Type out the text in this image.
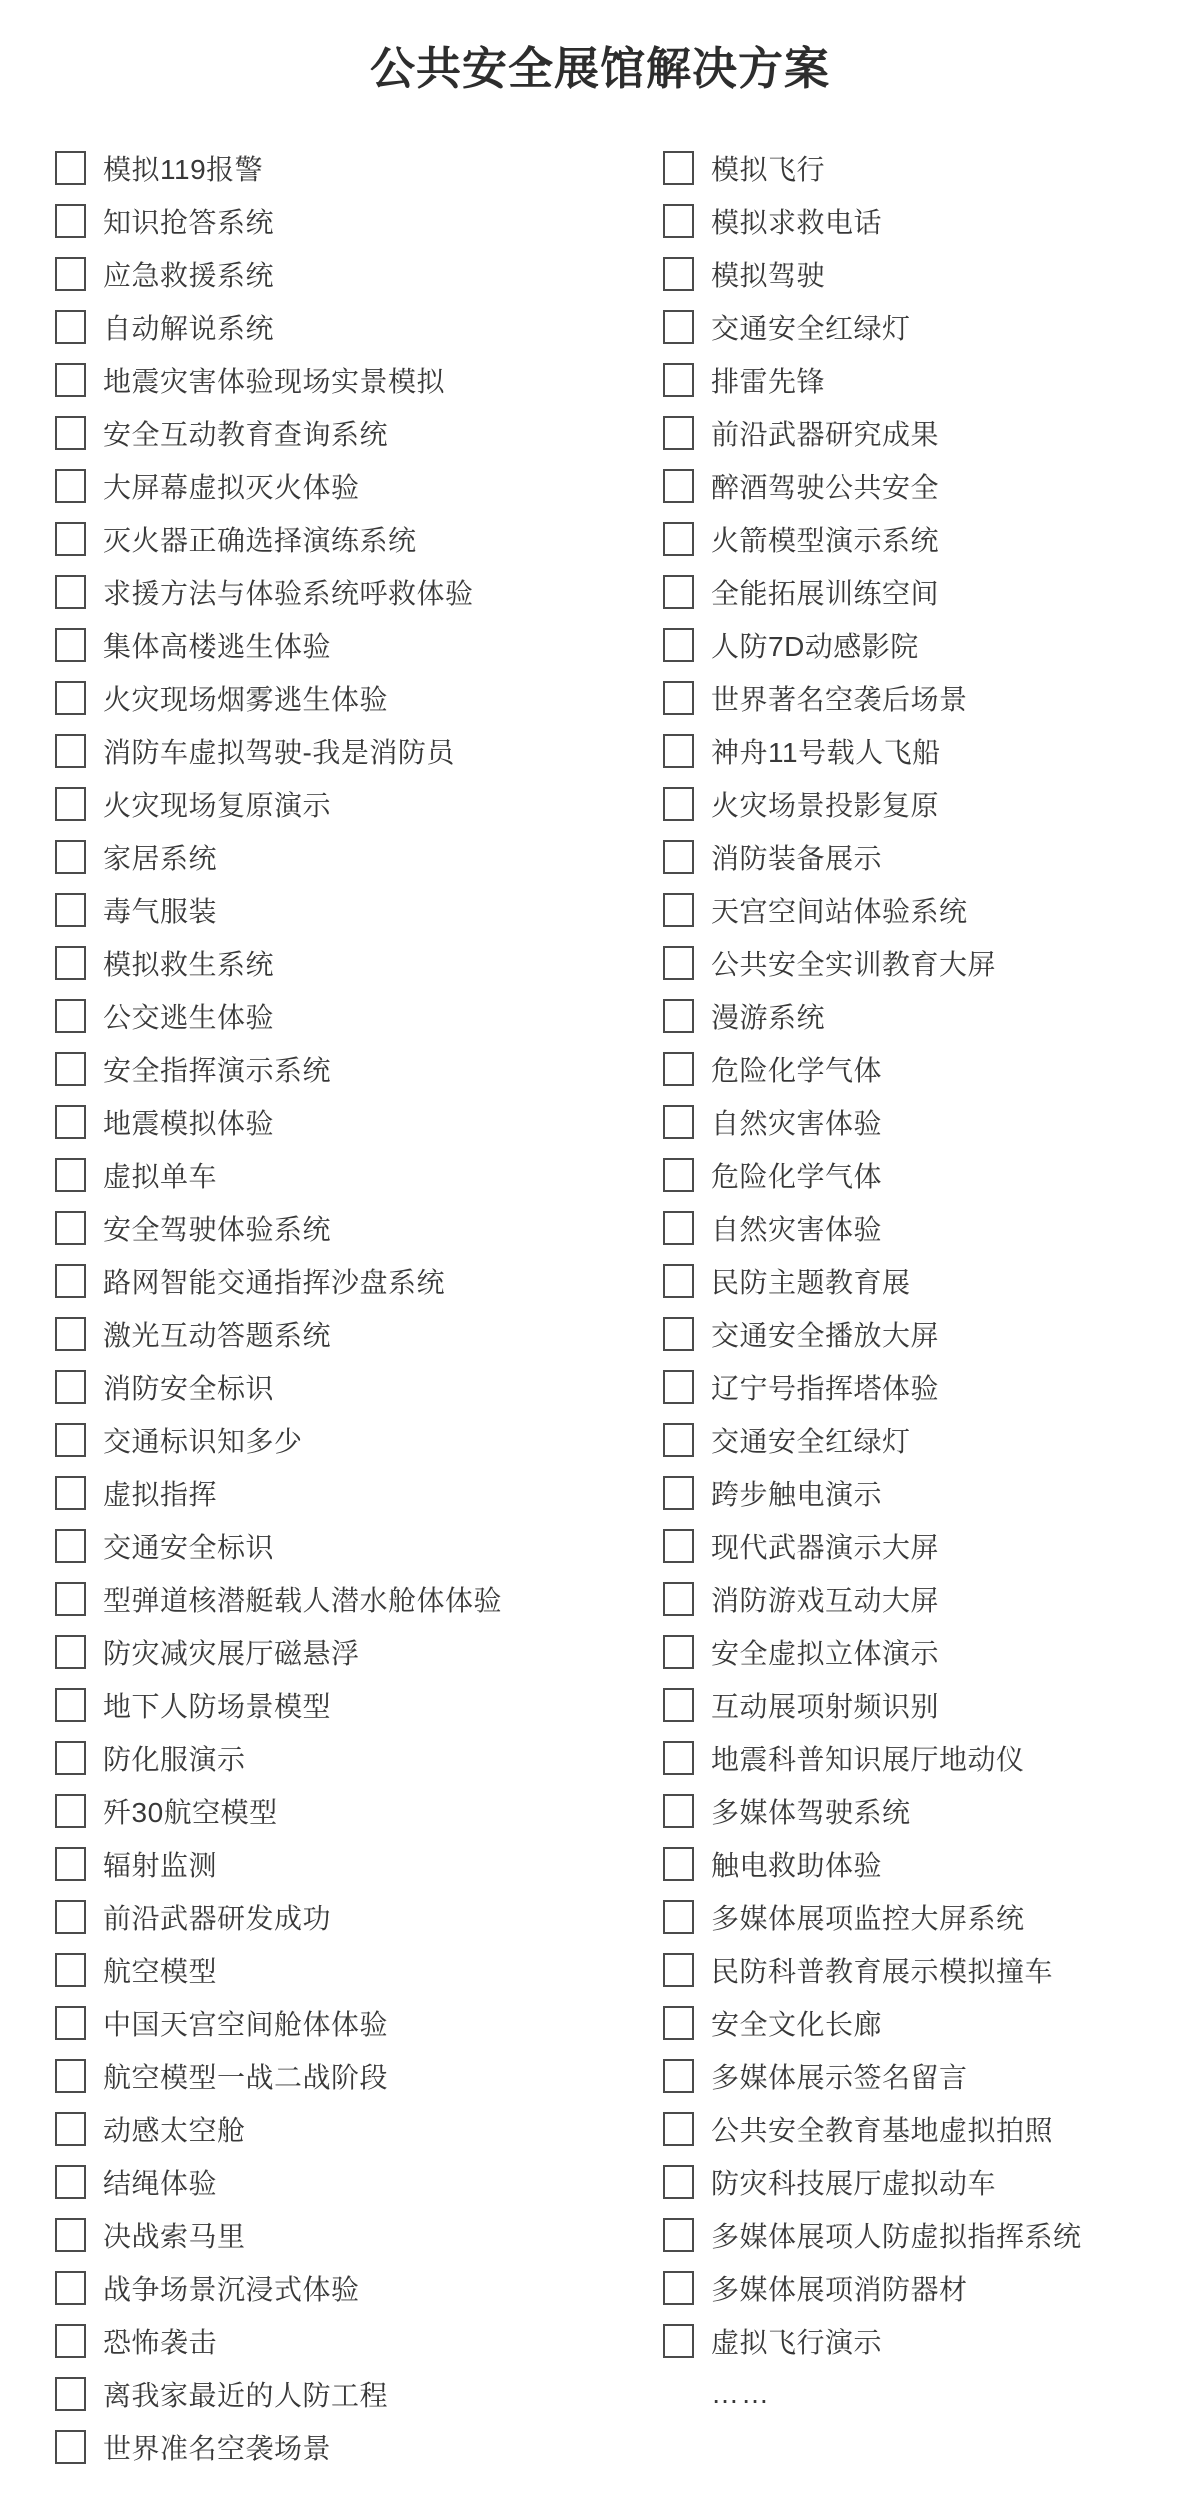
公共安全展馆解决方案
模拟119报警
知识抢答系统
应急救援系统
自动解说系统
地震灾害体验现场实景模拟
安全互动教育查询系统
大屏幕虚拟灭火体验
灭火器正确选择演练系统
求援方法与体验系统呼救体验
集体高楼逃生体验
火灾现场烟雾逃生体验
消防车虚拟驾驶-我是消防员
火灾现场复原演示
家居系统
毒气服装
模拟救生系统
公交逃生体验
安全指挥演示系统
地震模拟体验
虚拟单车
安全驾驶体验系统
路网智能交通指挥沙盘系统
激光互动答题系统
消防安全标识
交通标识知多少
虚拟指挥
交通安全标识
型弹道核潜艇载人潜水舱体体验
防灾减灾展厅磁悬浮
地下人防场景模型
防化服演示
歼30航空模型
辐射监测
前沿武器研发成功
航空模型
中国天宫空间舱体体验
航空模型一战二战阶段
动感太空舱
结绳体验
决战索马里
战争场景沉浸式体验
恐怖袭击
离我家最近的人防工程
世界准名空袭场景
模拟飞行
模拟求救电话
模拟驾驶
交通安全红绿灯
排雷先锋
前沿武器研究成果
醉酒驾驶公共安全
火箭模型演示系统
全能拓展训练空间
人防7D动感影院
世界著名空袭后场景
神舟11号载人飞船
火灾场景投影复原
消防装备展示
天宫空间站体验系统
公共安全实训教育大屏
漫游系统
危险化学气体
自然灾害体验
危险化学气体
自然灾害体验
民防主题教育展
交通安全播放大屏
辽宁号指挥塔体验
交通安全红绿灯
跨步触电演示
现代武器演示大屏
消防游戏互动大屏
安全虚拟立体演示
互动展项射频识别
地震科普知识展厅地动仪
多媒体驾驶系统
触电救助体验
多媒体展项监控大屏系统
民防科普教育展示模拟撞车
安全文化长廊
多媒体展示签名留言
公共安全教育基地虚拟拍照
防灾科技展厅虚拟动车
多媒体展项人防虚拟指挥系统
多媒体展项消防器材
虚拟飞行演示
……
